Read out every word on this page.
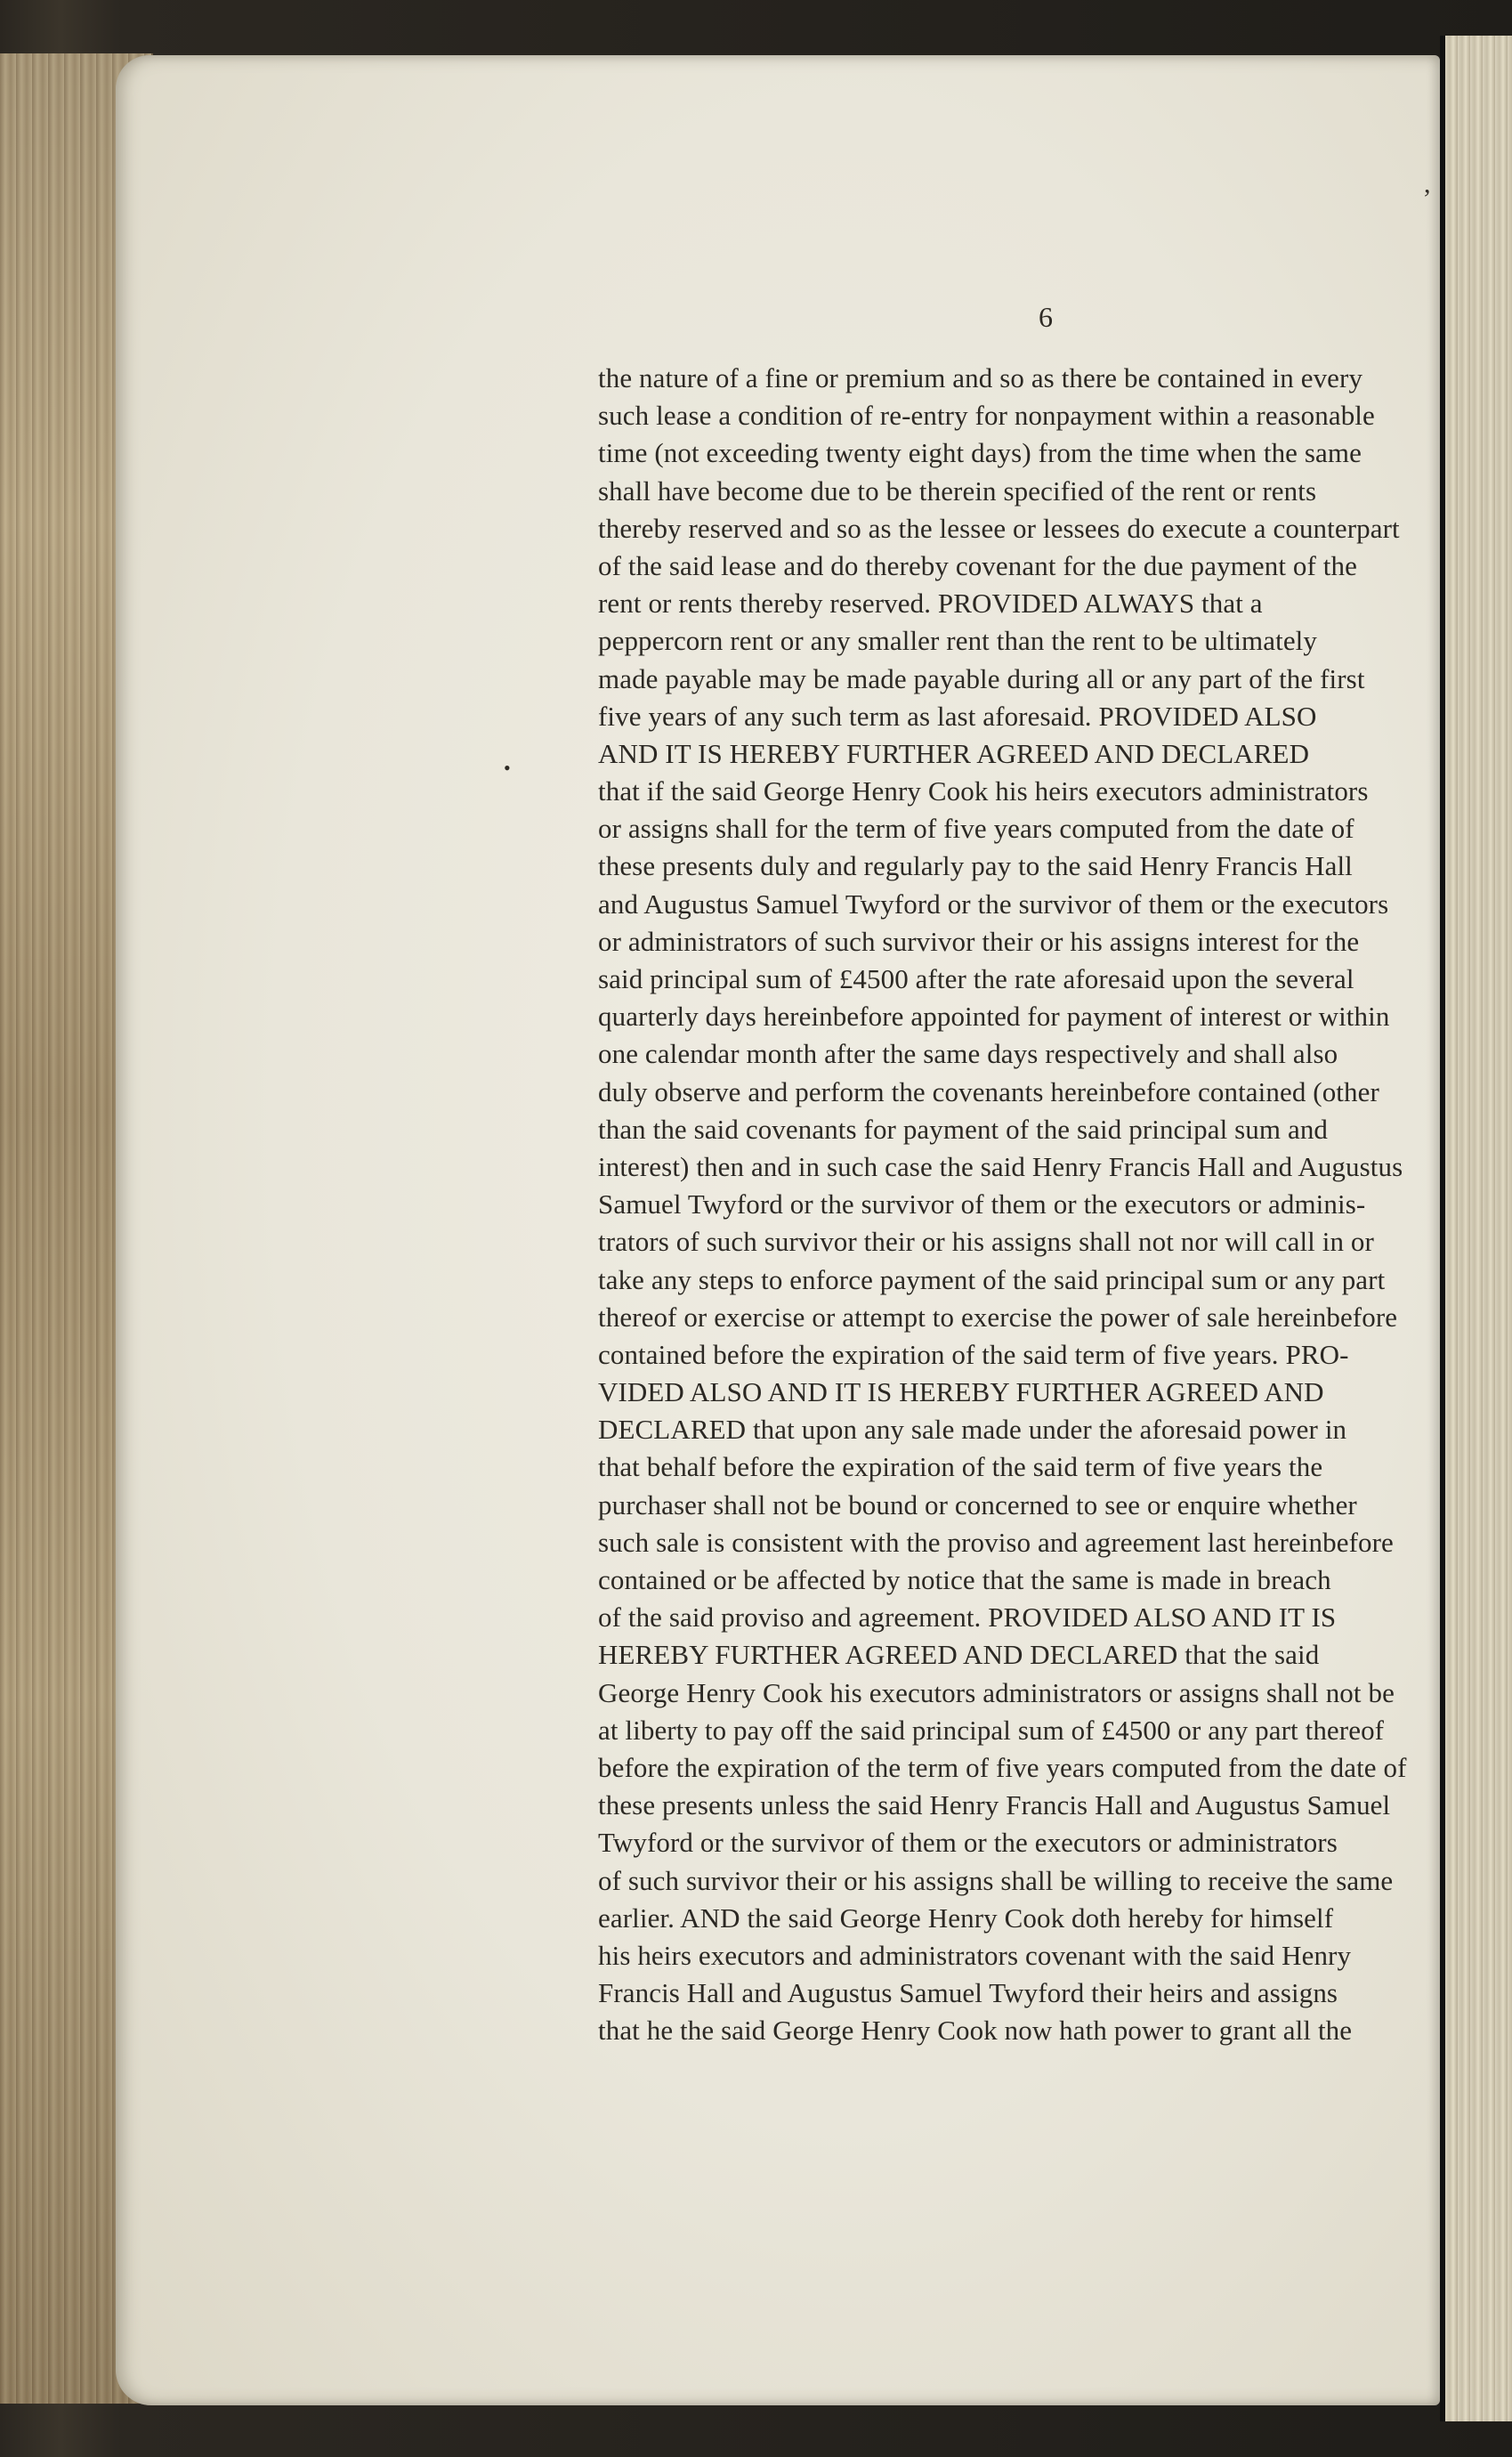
6
,
•
the nature of a fine or premium and so as there be contained in every
such lease a condition of re-entry for nonpayment within a reasonable
time (not exceeding twenty eight days) from the time when the same
shall have become due to be therein specified of the rent or rents
thereby reserved and so as the lessee or lessees do execute a counterpart
of the said lease and do thereby covenant for the due payment of the
rent or rents thereby reserved. PROVIDED ALWAYS that a
peppercorn rent or any smaller rent than the rent to be ultimately
made payable may be made payable during all or any part of the first
five years of any such term as last aforesaid. PROVIDED ALSO
AND IT IS HEREBY FURTHER AGREED AND DECLARED
that if the said George Henry Cook his heirs executors administrators
or assigns shall for the term of five years computed from the date of
these presents duly and regularly pay to the said Henry Francis Hall
and Augustus Samuel Twyford or the survivor of them or the executors
or administrators of such survivor their or his assigns interest for the
said principal sum of £4500 after the rate aforesaid upon the several
quarterly days hereinbefore appointed for payment of interest or within
one calendar month after the same days respectively and shall also
duly observe and perform the covenants hereinbefore contained (other
than the said covenants for payment of the said principal sum and
interest) then and in such case the said Henry Francis Hall and Augustus
Samuel Twyford or the survivor of them or the executors or adminis-
trators of such survivor their or his assigns shall not nor will call in or
take any steps to enforce payment of the said principal sum or any part
thereof or exercise or attempt to exercise the power of sale hereinbefore
contained before the expiration of the said term of five years. PRO-
VIDED ALSO AND IT IS HEREBY FURTHER AGREED AND
DECLARED that upon any sale made under the aforesaid power in
that behalf before the expiration of the said term of five years the
purchaser shall not be bound or concerned to see or enquire whether
such sale is consistent with the proviso and agreement last hereinbefore
contained or be affected by notice that the same is made in breach
of the said proviso and agreement. PROVIDED ALSO AND IT IS
HEREBY FURTHER AGREED AND DECLARED that the said
George Henry Cook his executors administrators or assigns shall not be
at liberty to pay off the said principal sum of £4500 or any part thereof
before the expiration of the term of five years computed from the date of
these presents unless the said Henry Francis Hall and Augustus Samuel
Twyford or the survivor of them or the executors or administrators
of such survivor their or his assigns shall be willing to receive the same
earlier. AND the said George Henry Cook doth hereby for himself
his heirs executors and administrators covenant with the said Henry
Francis Hall and Augustus Samuel Twyford their heirs and assigns
that he the said George Henry Cook now hath power to grant all the
